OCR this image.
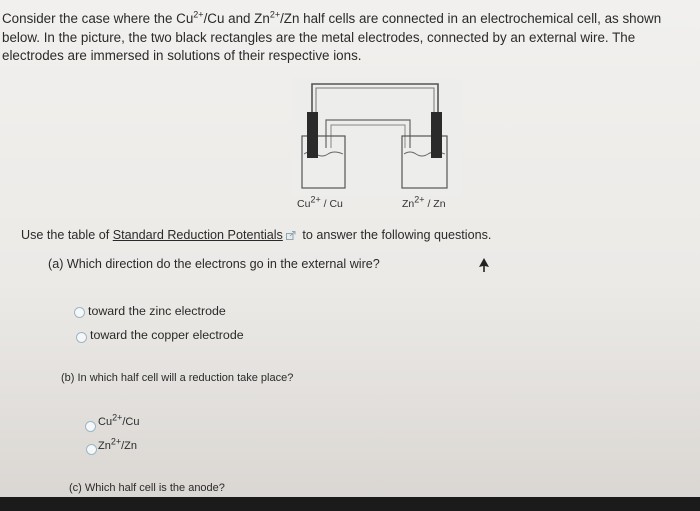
Consider the case where the $Cu^{2+}/Cu$ and $Zn^{2+}/Zn$ half cells are connected in an electrochemical cell, as shown below. In the picture, the two black rectangles are the metal electrodes, connected by an external wire. The electrodes are immersed in solutions of their respective ions.
Cu2+ / Cu	Zn2+ / Zn
Use the table of Standard Reduction Potentials to answer the following questions.
(a) Which direction do the electrons go in the external wire?
toward the zinc electrode
toward the copper electrode
(b) In which half cell will a reduction take place?
$Cu^{2+}/Cu$
$Zn^{2+}/Zn$
(c) Which half cell is the anode?
